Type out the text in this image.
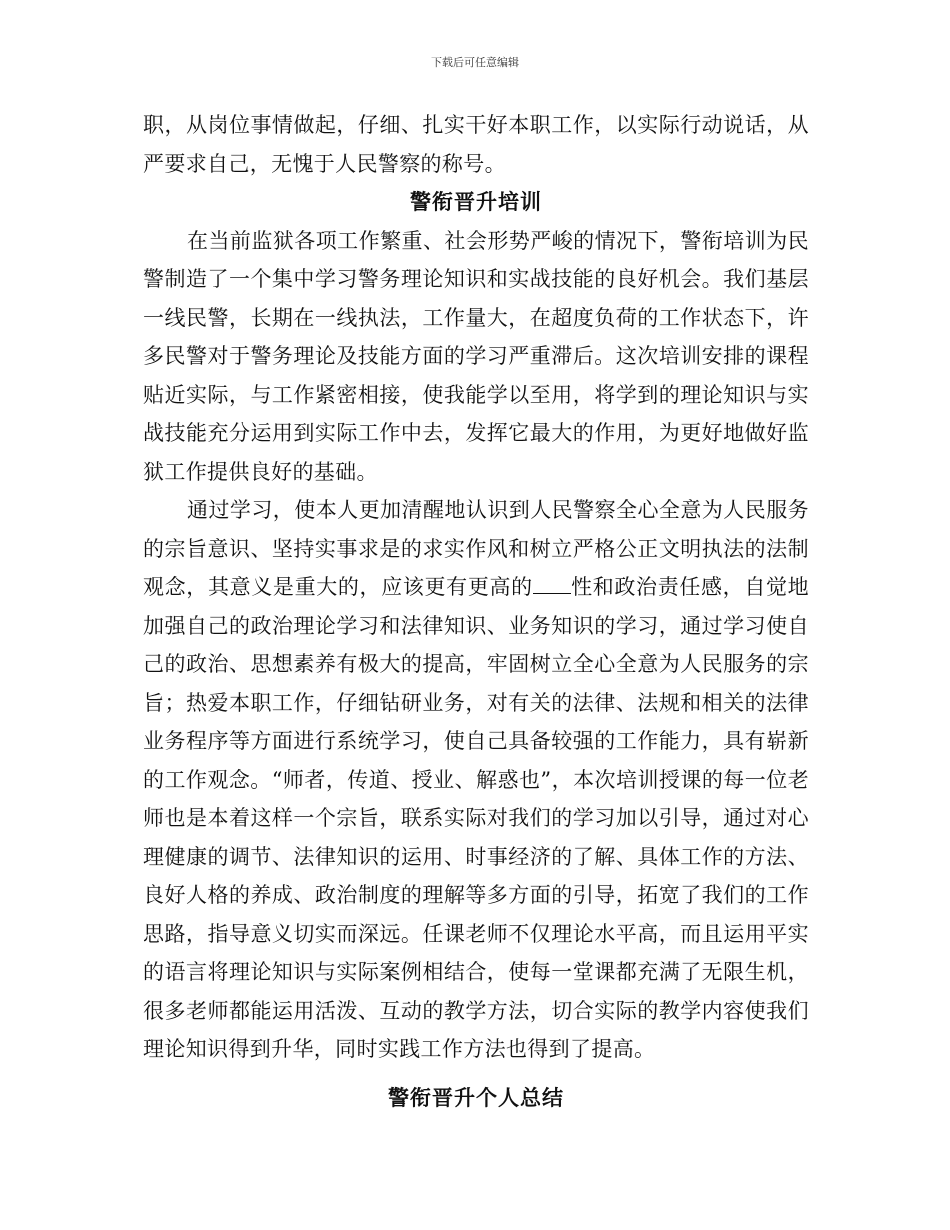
下载后可任意编辑

职，从岗位事情做起，仔细、扎实干好本职工作，以实际行动说话，从严要求自己，无愧于人民警察的称号。

警衔晋升培训

在当前监狱各项工作繁重、社会形势严峻的情况下，警衔培训为民警制造了一个集中学习警务理论知识和实战技能的良好机会。我们基层一线民警，长期在一线执法，工作量大，在超度负荷的工作状态下，许多民警对于警务理论及技能方面的学习严重滞后。这次培训安排的课程贴近实际，与工作紧密相接，使我能学以至用，将学到的理论知识与实战技能充分运用到实际工作中去，发挥它最大的作用，为更好地做好监狱工作提供良好的基础。

通过学习，使本人更加清醒地认识到人民警察全心全意为人民服务的宗旨意识、坚持实事求是的求实作风和树立严格公正文明执法的法制观念，其意义是重大的，应该更有更高的 性和政治责任感，自觉地加强自己的政治理论学习和法律知识、业务知识的学习，通过学习使自己的政治、思想素养有极大的提高，牢固树立全心全意为人民服务的宗旨；热爱本职工作，仔细钻研业务，对有关的法律、法规和相关的法律业务程序等方面进行系统学习，使自己具备较强的工作能力，具有崭新的工作观念。“师者，传道、授业、解惑也”，本次培训授课的每一位老师也是本着这样一个宗旨，联系实际对我们的学习加以引导，通过对心理健康的调节、法律知识的运用、时事经济的了解、具体工作的方法、良好人格的养成、政治制度的理解等多方面的引导，拓宽了我们的工作思路，指导意义切实而深远。任课老师不仅理论水平高，而且运用平实的语言将理论知识与实际案例相结合，使每一堂课都充满了无限生机，很多老师都能运用活泼、互动的教学方法，切合实际的教学内容使我们理论知识得到升华，同时实践工作方法也得到了提高。

警衔晋升个人总结
